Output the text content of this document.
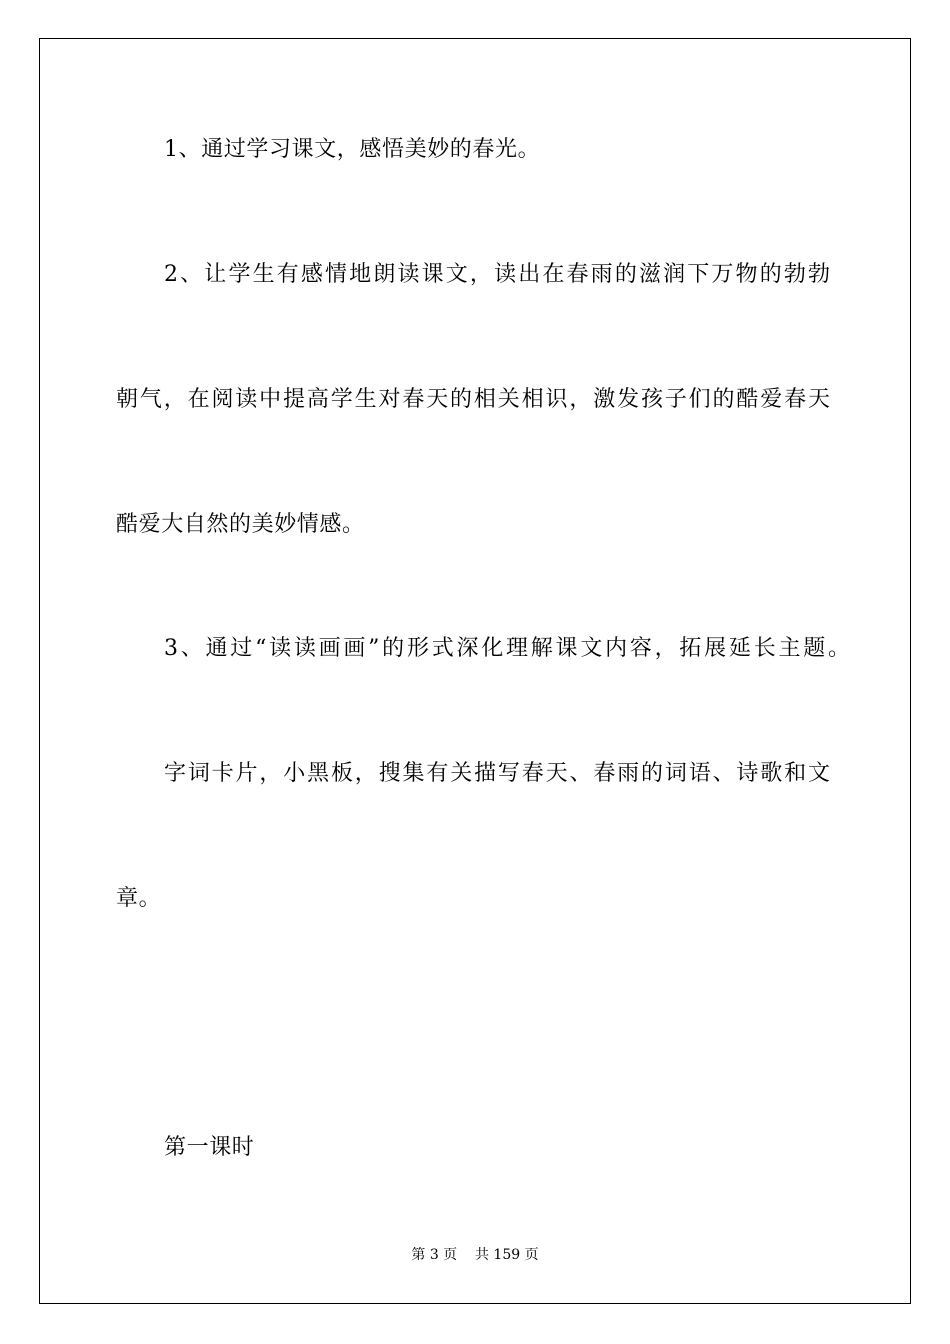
1、通过学习课文，感悟美妙的春光。
2、让学生有感情地朗读课文，读出在春雨的滋润下万物的勃勃
朝气，在阅读中提高学生对春天的相关相识，激发孩子们的酷爱春天
酷爱大自然的美妙情感。
3、通过“读读画画”的形式深化理解课文内容，拓展延长主题。
字词卡片，小黑板，搜集有关描写春天、春雨的词语、诗歌和文
章。
第一课时
第 3 页    共 159 页
